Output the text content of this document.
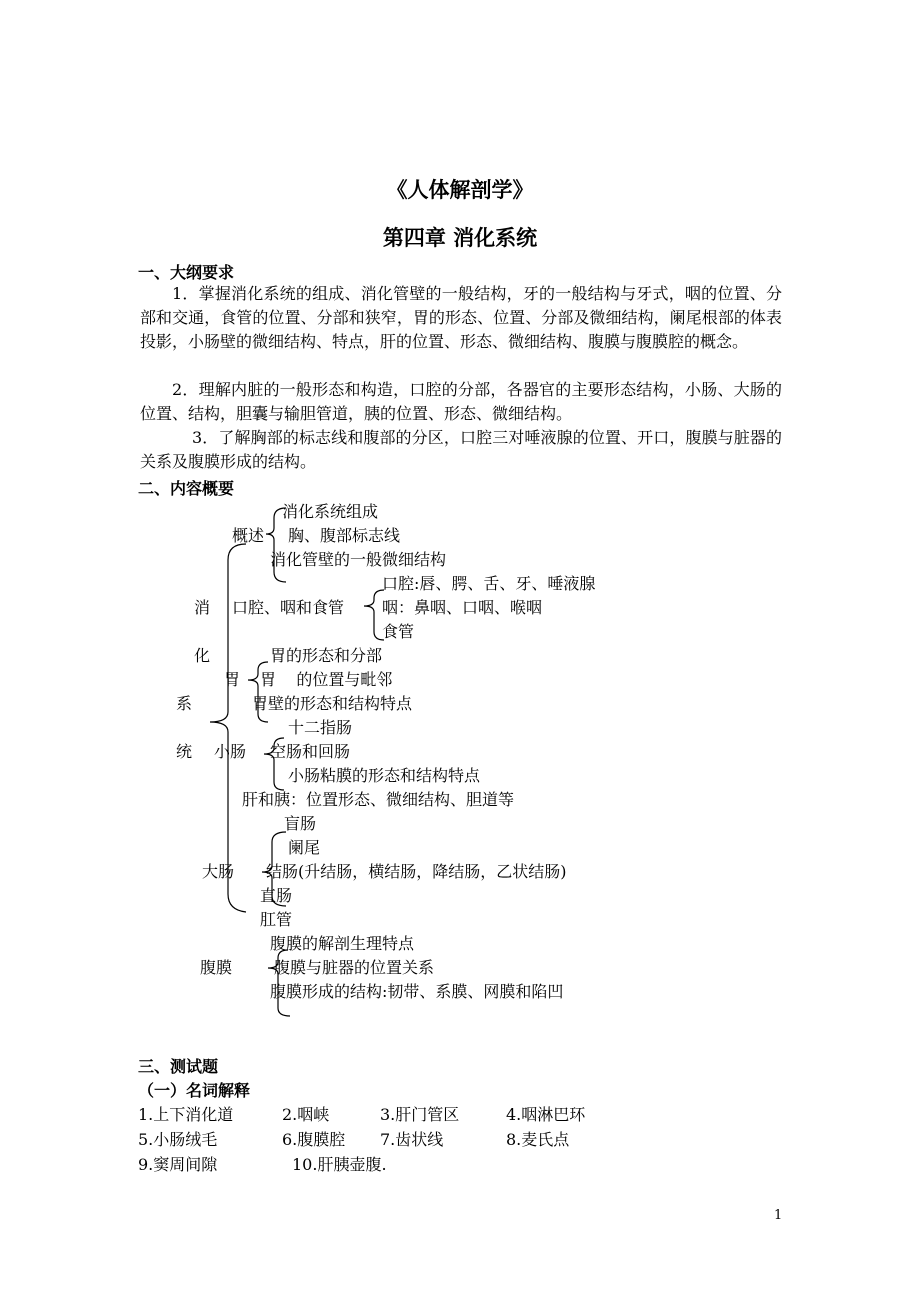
《人体解剖学》
第四章 消化系统
一、大纲要求
1．掌握消化系统的组成、消化管壁的一般结构，牙的一般结构与牙式，咽的位置、分部和交通，食管的位置、分部和狭窄，胃的形态、位置、分部及微细结构，阑尾根部的体表投影，小肠壁的微细结构、特点，肝的位置、形态、微细结构、腹膜与腹膜腔的概念。
2．理解内脏的一般形态和构造，口腔的分部，各器官的主要形态结构，小肠、大肠的位置、结构，胆囊与输胆管道，胰的位置、形态、微细结构。
3．了解胸部的标志线和腹部的分区，口腔三对唾液腺的位置、开口，腹膜与脏器的关系及腹膜形成的结构。
二、内容概要
消
化
系
统
概述
消化系统组成
胸、腹部标志线
消化管壁的一般微细结构
口腔、咽和食管
口腔:唇、腭、舌、牙、唾液腺
咽：鼻咽、口咽、喉咽
食管
胃
胃的形态和分部
胃    的位置与毗邻
胃壁的形态和结构特点
小肠
十二指肠
空肠和回肠
小肠粘膜的形态和结构特点
肝和胰：位置形态、微细结构、胆道等
大肠
盲肠
阑尾
结肠(升结肠，横结肠，降结肠，乙状结肠)
直肠
肛管
腹膜
腹膜的解剖生理特点
腹膜与脏器的位置关系
腹膜形成的结构:韧带、系膜、网膜和陷凹
三、测试题
（一）名词解释
1.上下消化道	2.咽峡	3.肝门管区	4.咽淋巴环
5.小肠绒毛	6.腹膜腔 7.齿状线	8.麦氏点
9.窦周间隙	10.肝胰壶腹.
1
